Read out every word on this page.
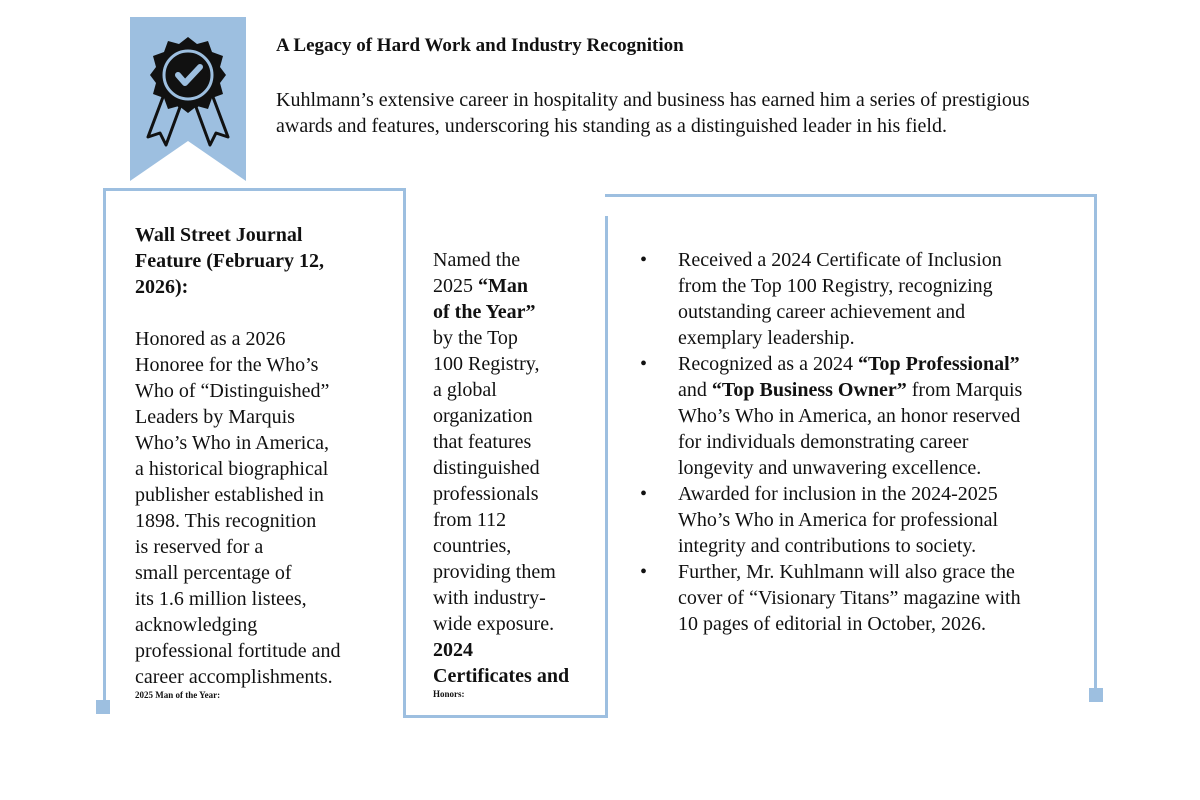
A Legacy of Hard Work and Industry Recognition
Kuhlmann’s extensive career in hospitality and business has earned him a series of prestigious awards and features, underscoring his standing as a distinguished leader in his field.
Wall Street Journal
Feature (February 12,
2026):
Honored as a 2026
Honoree for the Who’s
Who of “Distinguished”
Leaders by Marquis
Who’s Who in America,
a historical biographical
publisher established in
1898. This recognition
is reserved for a
small percentage of
its 1.6 million listees,
acknowledging
professional fortitude and
career accomplishments.
2025 Man of the Year:
Named the
2025 “Man
of the Year”
by the Top
100 Registry,
a global
organization
that features
distinguished
professionals
from 112
countries,
providing them
with industry-
wide exposure.
2024
Certificates and
Honors:
•	Received a 2024 Certificate of Inclusion
from the Top 100 Registry, recognizing
outstanding career achievement and
exemplary leadership.
•	Recognized as a 2024 “Top Professional”
and “Top Business Owner” from Marquis
Who’s Who in America, an honor reserved
for individuals demonstrating career
longevity and unwavering excellence.
•	Awarded for inclusion in the 2024-2025
Who’s Who in America for professional
integrity and contributions to society.
•	Further, Mr. Kuhlmann will also grace the
cover of “Visionary Titans” magazine with
10 pages of editorial in October, 2026.
